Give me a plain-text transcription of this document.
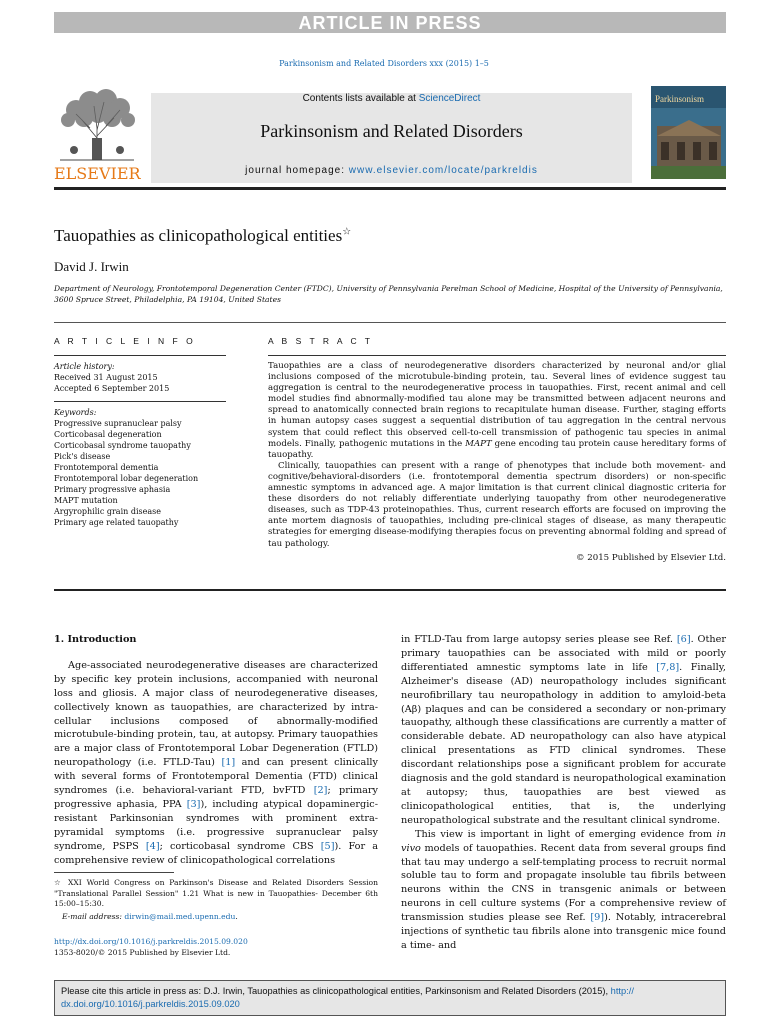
ARTICLE IN PRESS
Parkinsonism and Related Disorders xxx (2015) 1–5
ELSEVIER
Contents lists available at ScienceDirect
Parkinsonism and Related Disorders
journal homepage: www.elsevier.com/locate/parkreldis
Parkinsonism
Tauopathies as clinicopathological entities☆
David J. Irwin
Department of Neurology, Frontotemporal Degeneration Center (FTDC), University of Pennsylvania Perelman School of Medicine, Hospital of the University of Pennsylvania, 3600 Spruce Street, Philadelphia, PA 19104, United States
A R T I C L E I N F O
Article history:
Received 31 August 2015
Accepted 6 September 2015
Keywords:
Progressive supranuclear palsy
Corticobasal degeneration
Corticobasal syndrome tauopathy
Pick's disease
Frontotemporal dementia
Frontotemporal lobar degeneration
Primary progressive aphasia
MAPT mutation
Argyrophilic grain disease
Primary age related tauopathy
A B S T R A C T

Tauopathies are a class of neurodegenerative disorders characterized by neuronal and/or glial inclusions composed of the microtubule-binding protein, tau. Several lines of evidence suggest tau aggregation is central to the neurodegenerative process in tauopathies. First, recent animal and cell model studies find abnormally-modified tau alone may be transmitted between adjacent neurons and spread to anatomically connected brain regions to recapitulate human disease. Further, staging efforts in human autopsy cases suggest a sequential distribution of tau aggregation in the central nervous system that could reflect this observed cell-to-cell transmission of pathogenic tau species in animal models. Finally, pathogenic mutations in the MAPT gene encoding tau protein cause hereditary forms of tauopathy.

Clinically, tauopathies can present with a range of phenotypes that include both movement- and cognitive/behavioral-disorders (i.e. frontotemporal dementia spectrum disorders) or non-specific amnestic symptoms in advanced age. A major limitation is that current clinical diagnostic criteria for these disorders do not reliably differentiate underlying tauopathy from other neurodegenerative diseases, such as TDP-43 proteinopathies. Thus, current research efforts are focused on improving the ante mortem diagnosis of tauopathies, including pre-clinical stages of disease, as many therapeutic strategies for emerging disease-modifying therapies focus on preventing abnormal folding and spread of tau pathology.

© 2015 Published by Elsevier Ltd.

1. Introduction

Age-associated neurodegenerative diseases are characterized by specific key protein inclusions, accompanied with neuronal loss and gliosis. A major class of neurodegenerative diseases, collectively known as tauopathies, are characterized by intra-cellular inclusions composed of abnormally-modified microtubule-binding protein, tau, at autopsy. Primary tauopathies are a major class of Frontotemporal Lobar Degeneration (FTLD) neuropathology (i.e. FTLD-Tau) [1] and can present clinically with several forms of Frontotemporal Dementia (FTD) clinical syndromes (i.e. behavioral-variant FTD, bvFTD [2]; primary progressive aphasia, PPA [3]), including atypical dopaminergic-resistant Parkinsonian syndromes with prominent extra-pyramidal symptoms (i.e. progressive supranuclear palsy syndrome, PSPS [4]; corticobasal syndrome CBS [5]). For a comprehensive review of clinicopathological correlations

in FTLD-Tau from large autopsy series please see Ref. [6]. Other primary tauopathies can be associated with mild or poorly differentiated amnestic symptoms late in life [7,8]. Finally, Alzheimer's disease (AD) neuropathology includes significant neurofibrillary tau neuropathology in addition to amyloid-beta (Aβ) plaques and can be considered a secondary or non-primary tauopathy, although these classifications are currently a matter of considerable debate. AD neuropathology can also have atypical clinical presentations as FTD clinical syndromes. These discordant relationships pose a significant problem for accurate diagnosis and the gold standard is neuropathological examination at autopsy; thus, tauopathies are best viewed as clinicopathological entities, that is, the underlying neuropathological substrate and the resultant clinical syndrome.

This view is important in light of emerging evidence from in vivo models of tauopathies. Recent data from several groups find that tau may undergo a self-templating process to recruit normal soluble tau to form and propagate insoluble tau fibrils between neurons within the CNS in transgenic animals or between neurons in cell culture systems (For a comprehensive review of transmission studies please see Ref. [9]). Notably, intracerebral injections of synthetic tau fibrils alone into transgenic mice found a time- and

☆ XXI World Congress on Parkinson's Disease and Related Disorders Session "Translational Parallel Session" 1.21 What is new in Tauopathies- December 6th 15:00–15:30.
E-mail address: dirwin@mail.med.upenn.edu.
http://dx.doi.org/10.1016/j.parkreldis.2015.09.020
1353-8020/© 2015 Published by Elsevier Ltd.
Please cite this article in press as: D.J. Irwin, Tauopathies as clinicopathological entities, Parkinsonism and Related Disorders (2015), http://
dx.doi.org/10.1016/j.parkreldis.2015.09.020
